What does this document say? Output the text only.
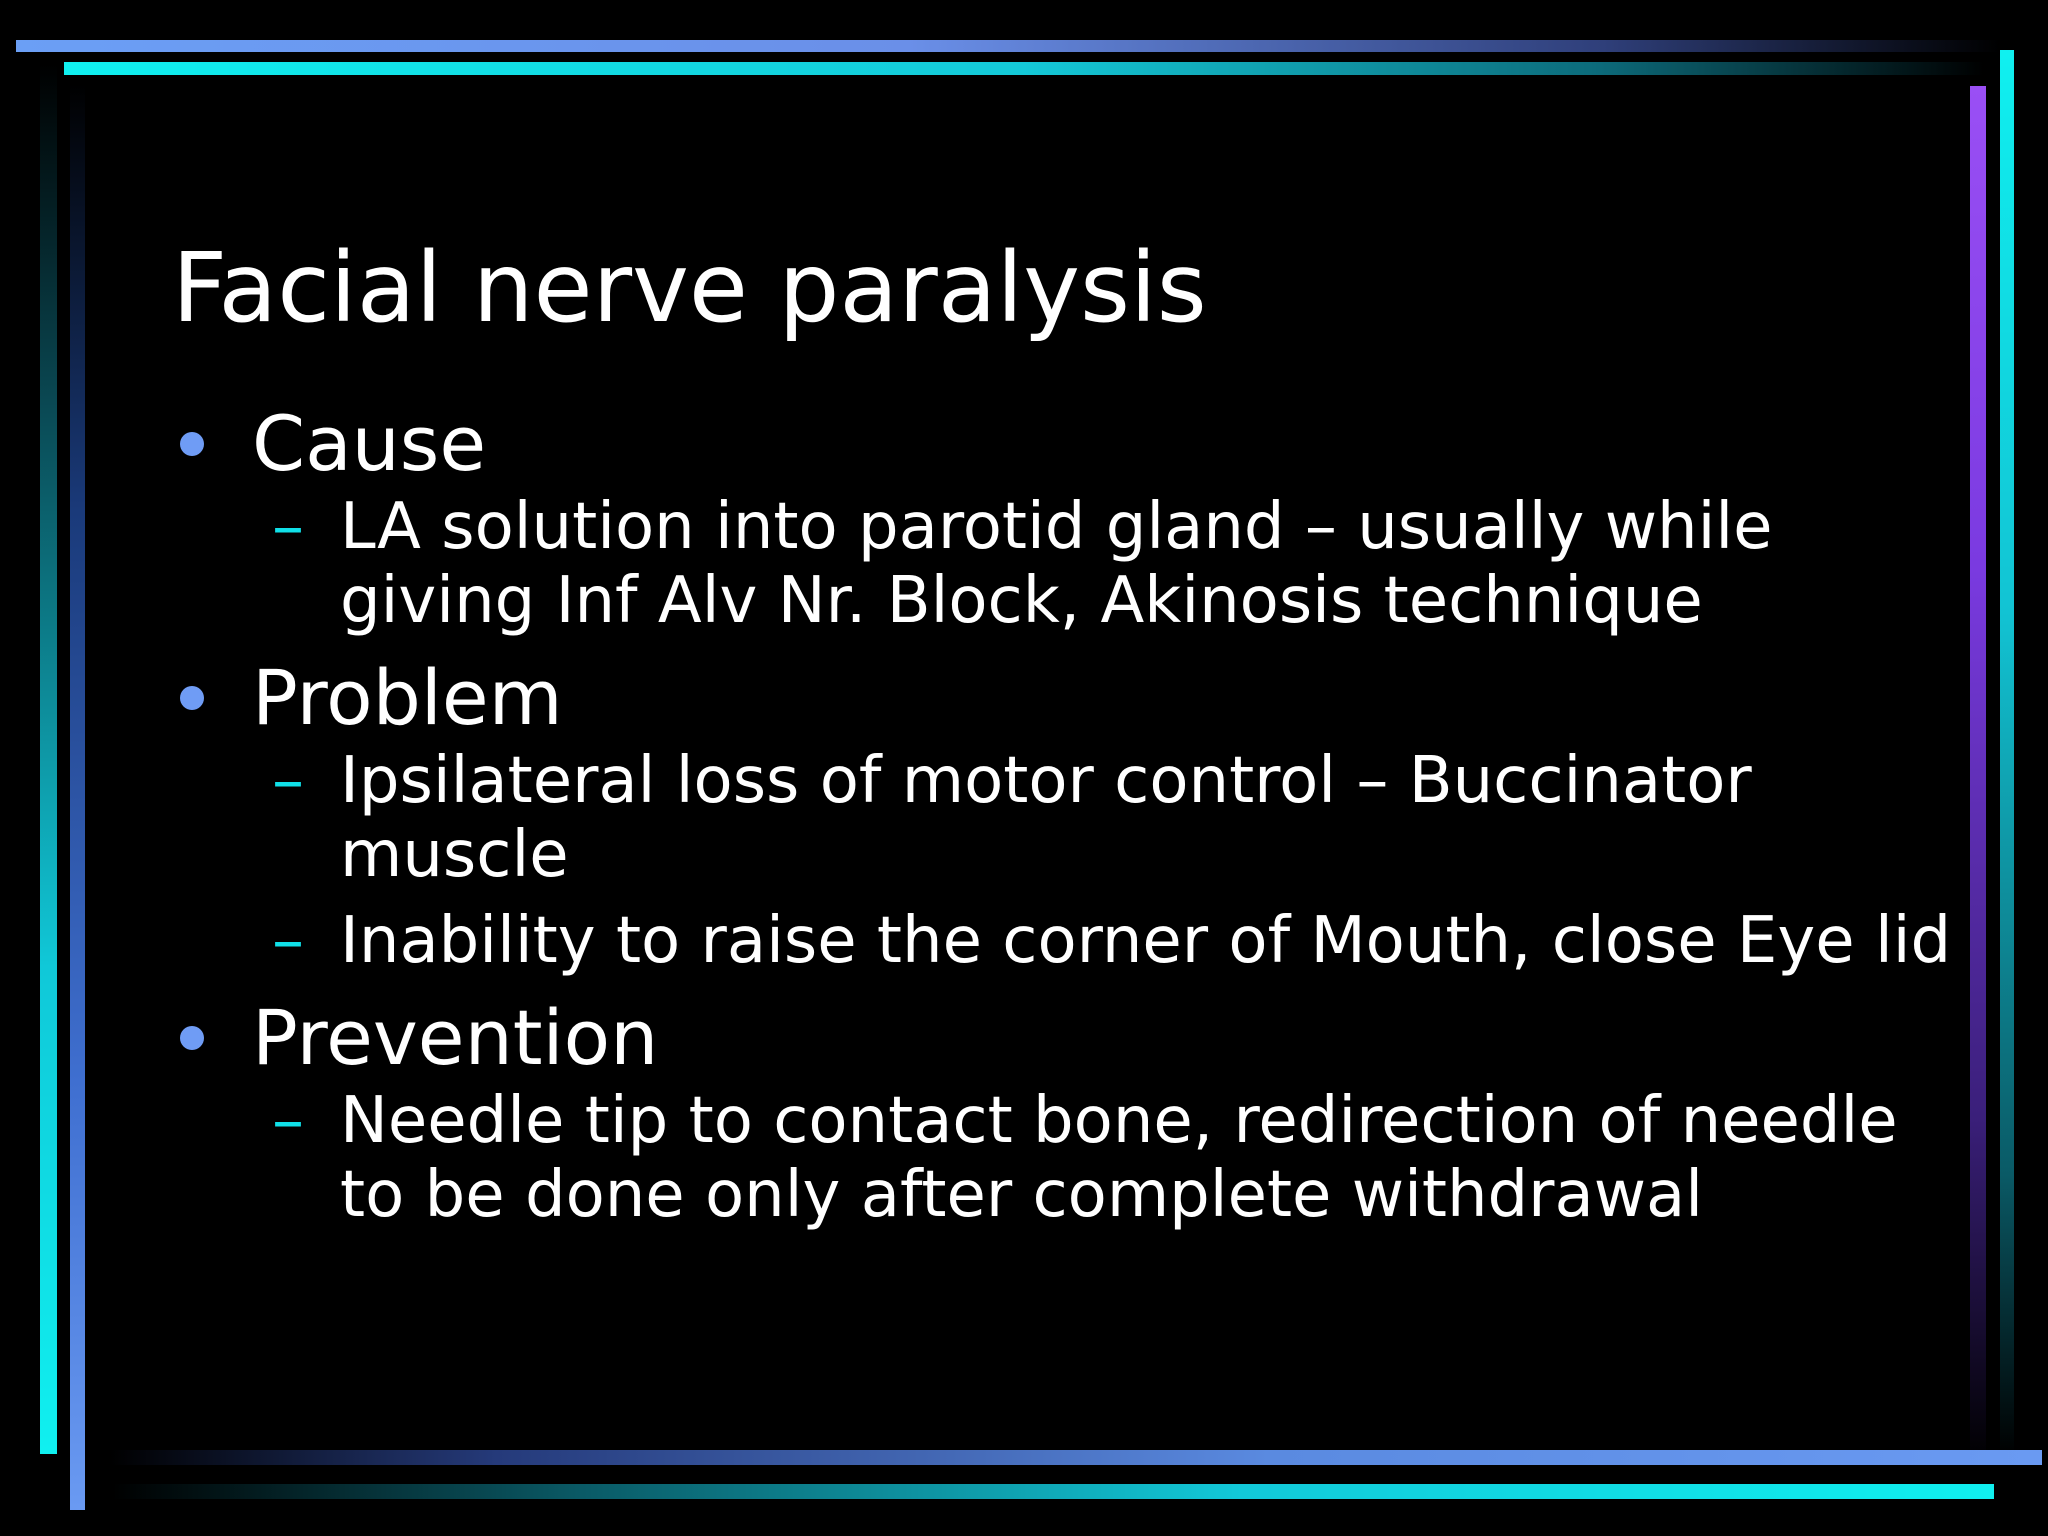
Facial nerve paralysis
Cause
– LA solution into parotid gland – usually while
giving Inf Alv Nr. Block, Akinosis technique
Problem
– Ipsilateral loss of motor control – Buccinator
muscle
– Inability to raise the corner of Mouth, close Eye lid
Prevention
– Needle tip to contact bone, redirection of needle
to be done only after complete withdrawal
